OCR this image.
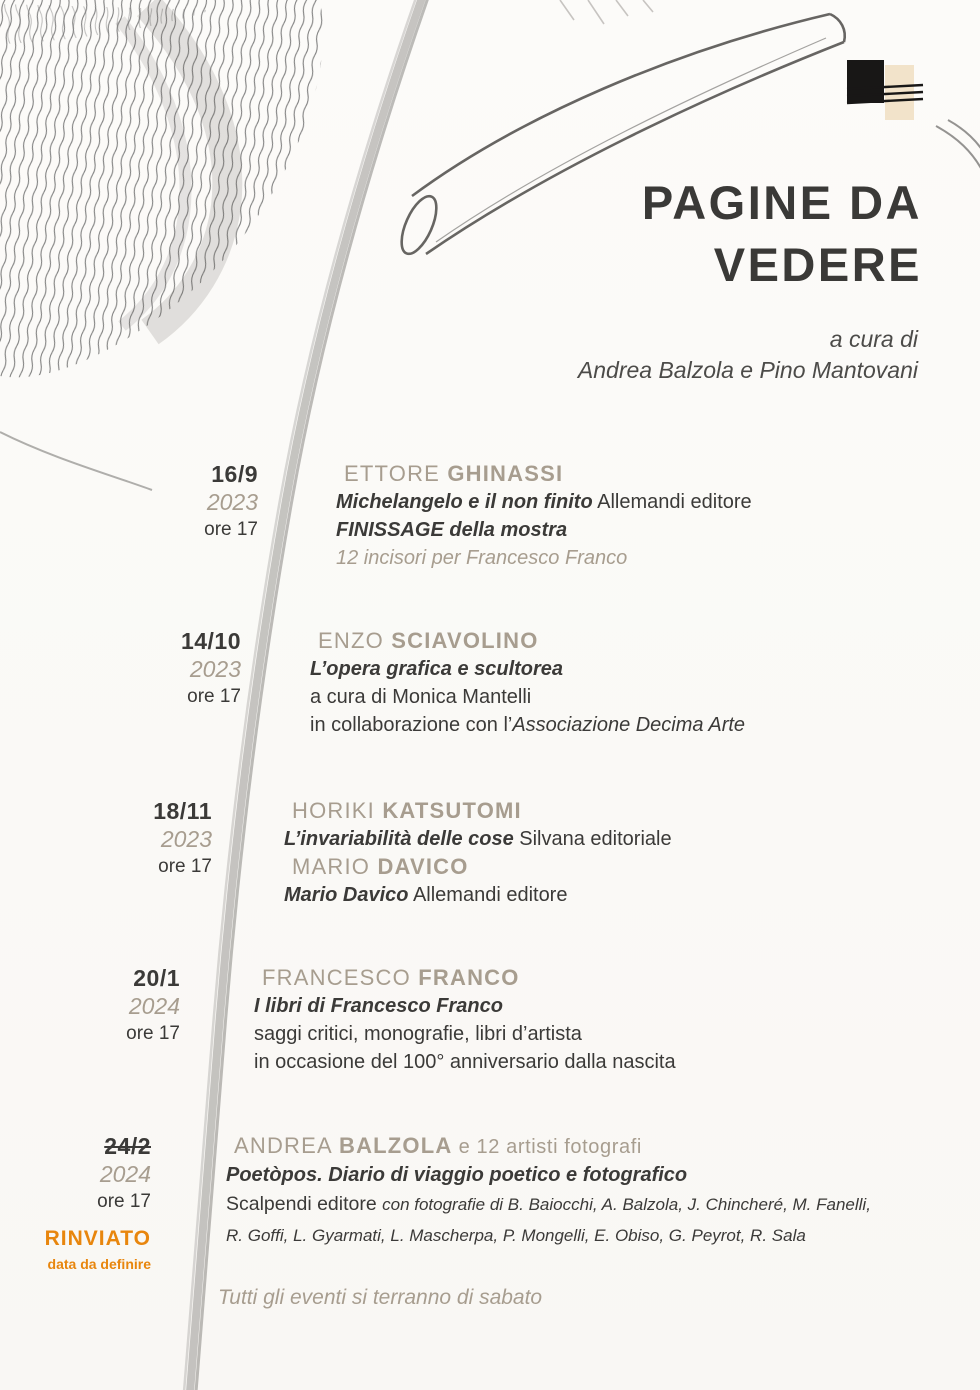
PAGINE DA
VEDERE
a cura di
Andrea Balzola e Pino Mantovani
16/9
2023
ore 17
ETTORE GHINASSI
Michelangelo e il non finito Allemandi editore
FINISSAGE della mostra
12 incisori per Francesco Franco
14/10
2023
ore 17
ENZO SCIAVOLINO
L’opera grafica e scultorea
a cura di Monica Mantelli
in collaborazione con l’Associazione Decima Arte
18/11
2023
ore 17
HORIKI KATSUTOMI
L’invariabilità delle cose Silvana editoriale
MARIO DAVICO
Mario Davico Allemandi editore
20/1
2024
ore 17
FRANCESCO FRANCO
I libri di Francesco Franco
saggi critici, monografie, libri d’artista
in occasione del 100° anniversario dalla nascita
24/2
2024
ore 17
RINVIATO
data da definire
ANDREA BALZOLA e 12 artisti fotografi
Poetòpos. Diario di viaggio poetico e fotografico
Scalpendi editore con fotografie di B. Baiocchi, A. Balzola, J. Chincheré, M. Fanelli, R. Goffi, L. Gyarmati, L. Mascherpa, P. Mongelli, E. Obiso, G. Peyrot, R. Sala
Tutti gli eventi si terranno di sabato
